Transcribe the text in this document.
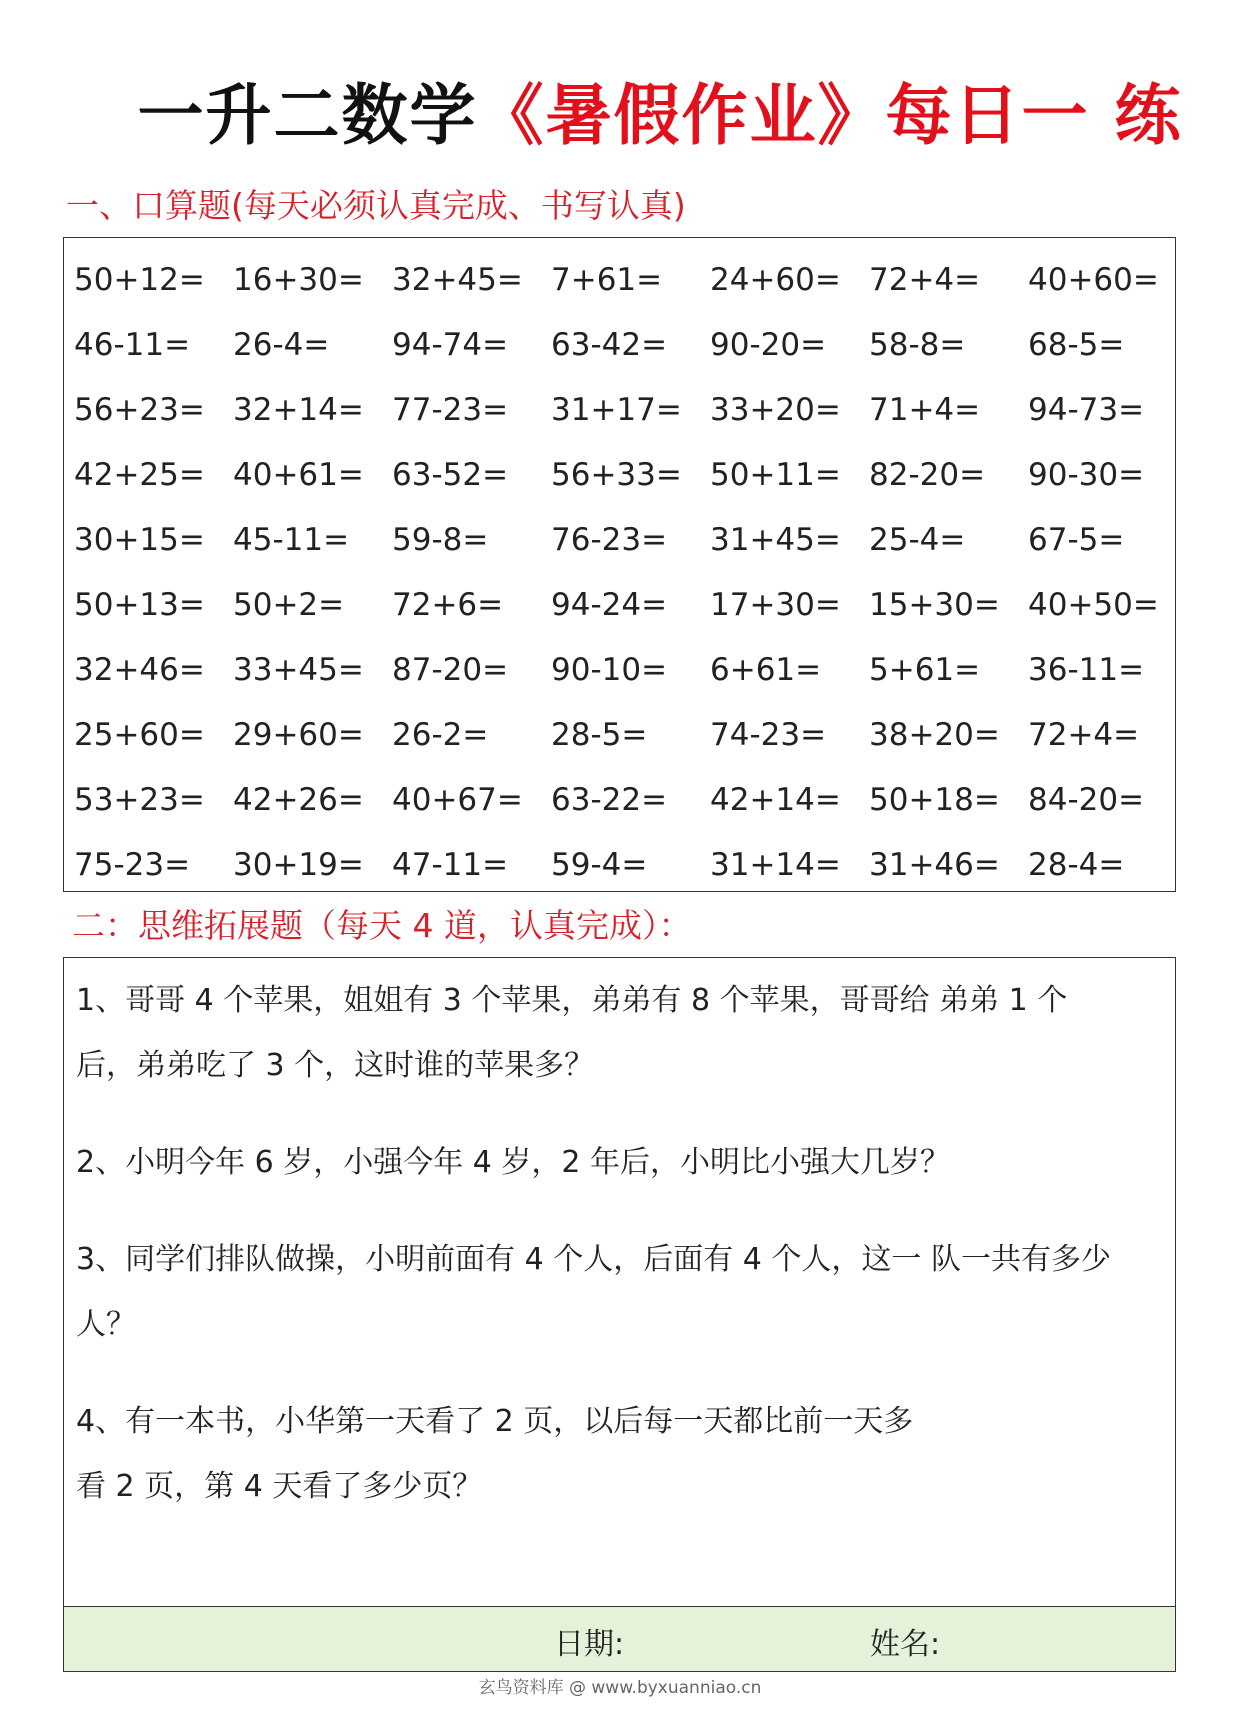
一升二数学《暑假作业》每日一 练
一、口算题(每天必须认真完成、书写认真)
50+12= 16+30= 32+45= 7+61=	24+60= 72+4=	40+60=
46-11=	26-4=	94-74=	63-42=	90-20=	58-8=	68-5=
56+23= 32+14= 77-23=	31+17= 33+20= 71+4=	94-73=
42+25= 40+61= 63-52=	56+33= 50+11= 82-20=	90-30=
30+15= 45-11=	59-8=	76-23=	31+45= 25-4=	67-5=
50+13= 50+2=	72+6=	94-24=	17+30= 15+30= 40+50=
32+46= 33+45= 87-20=	90-10=	6+61=	5+61=	36-11=
25+60= 29+60= 26-2=	28-5=	74-23=	38+20= 72+4=
53+23= 42+26= 40+67= 63-22=	42+14= 50+18= 84-20=
75-23=	30+19= 47-11=	59-4=	31+14= 31+46= 28-4=
二：思维拓展题（每天 4 道，认真完成）：
1、哥哥 4 个苹果，姐姐有 3 个苹果，弟弟有 8 个苹果，哥哥给 弟弟 1 个
后，弟弟吃了 3 个，这时谁的苹果多？
2、小明今年 6 岁，小强今年 4 岁，2 年后，小明比小强大几岁？
3、同学们排队做操，小明前面有 4 个人，后面有 4 个人，这一 队一共有多少
人？
4、有一本书，小华第一天看了 2 页，以后每一天都比前一天多
看 2 页，第 4 天看了多少页？
日期:	姓名:
玄鸟资料库 @ www.byxuanniao.cn
